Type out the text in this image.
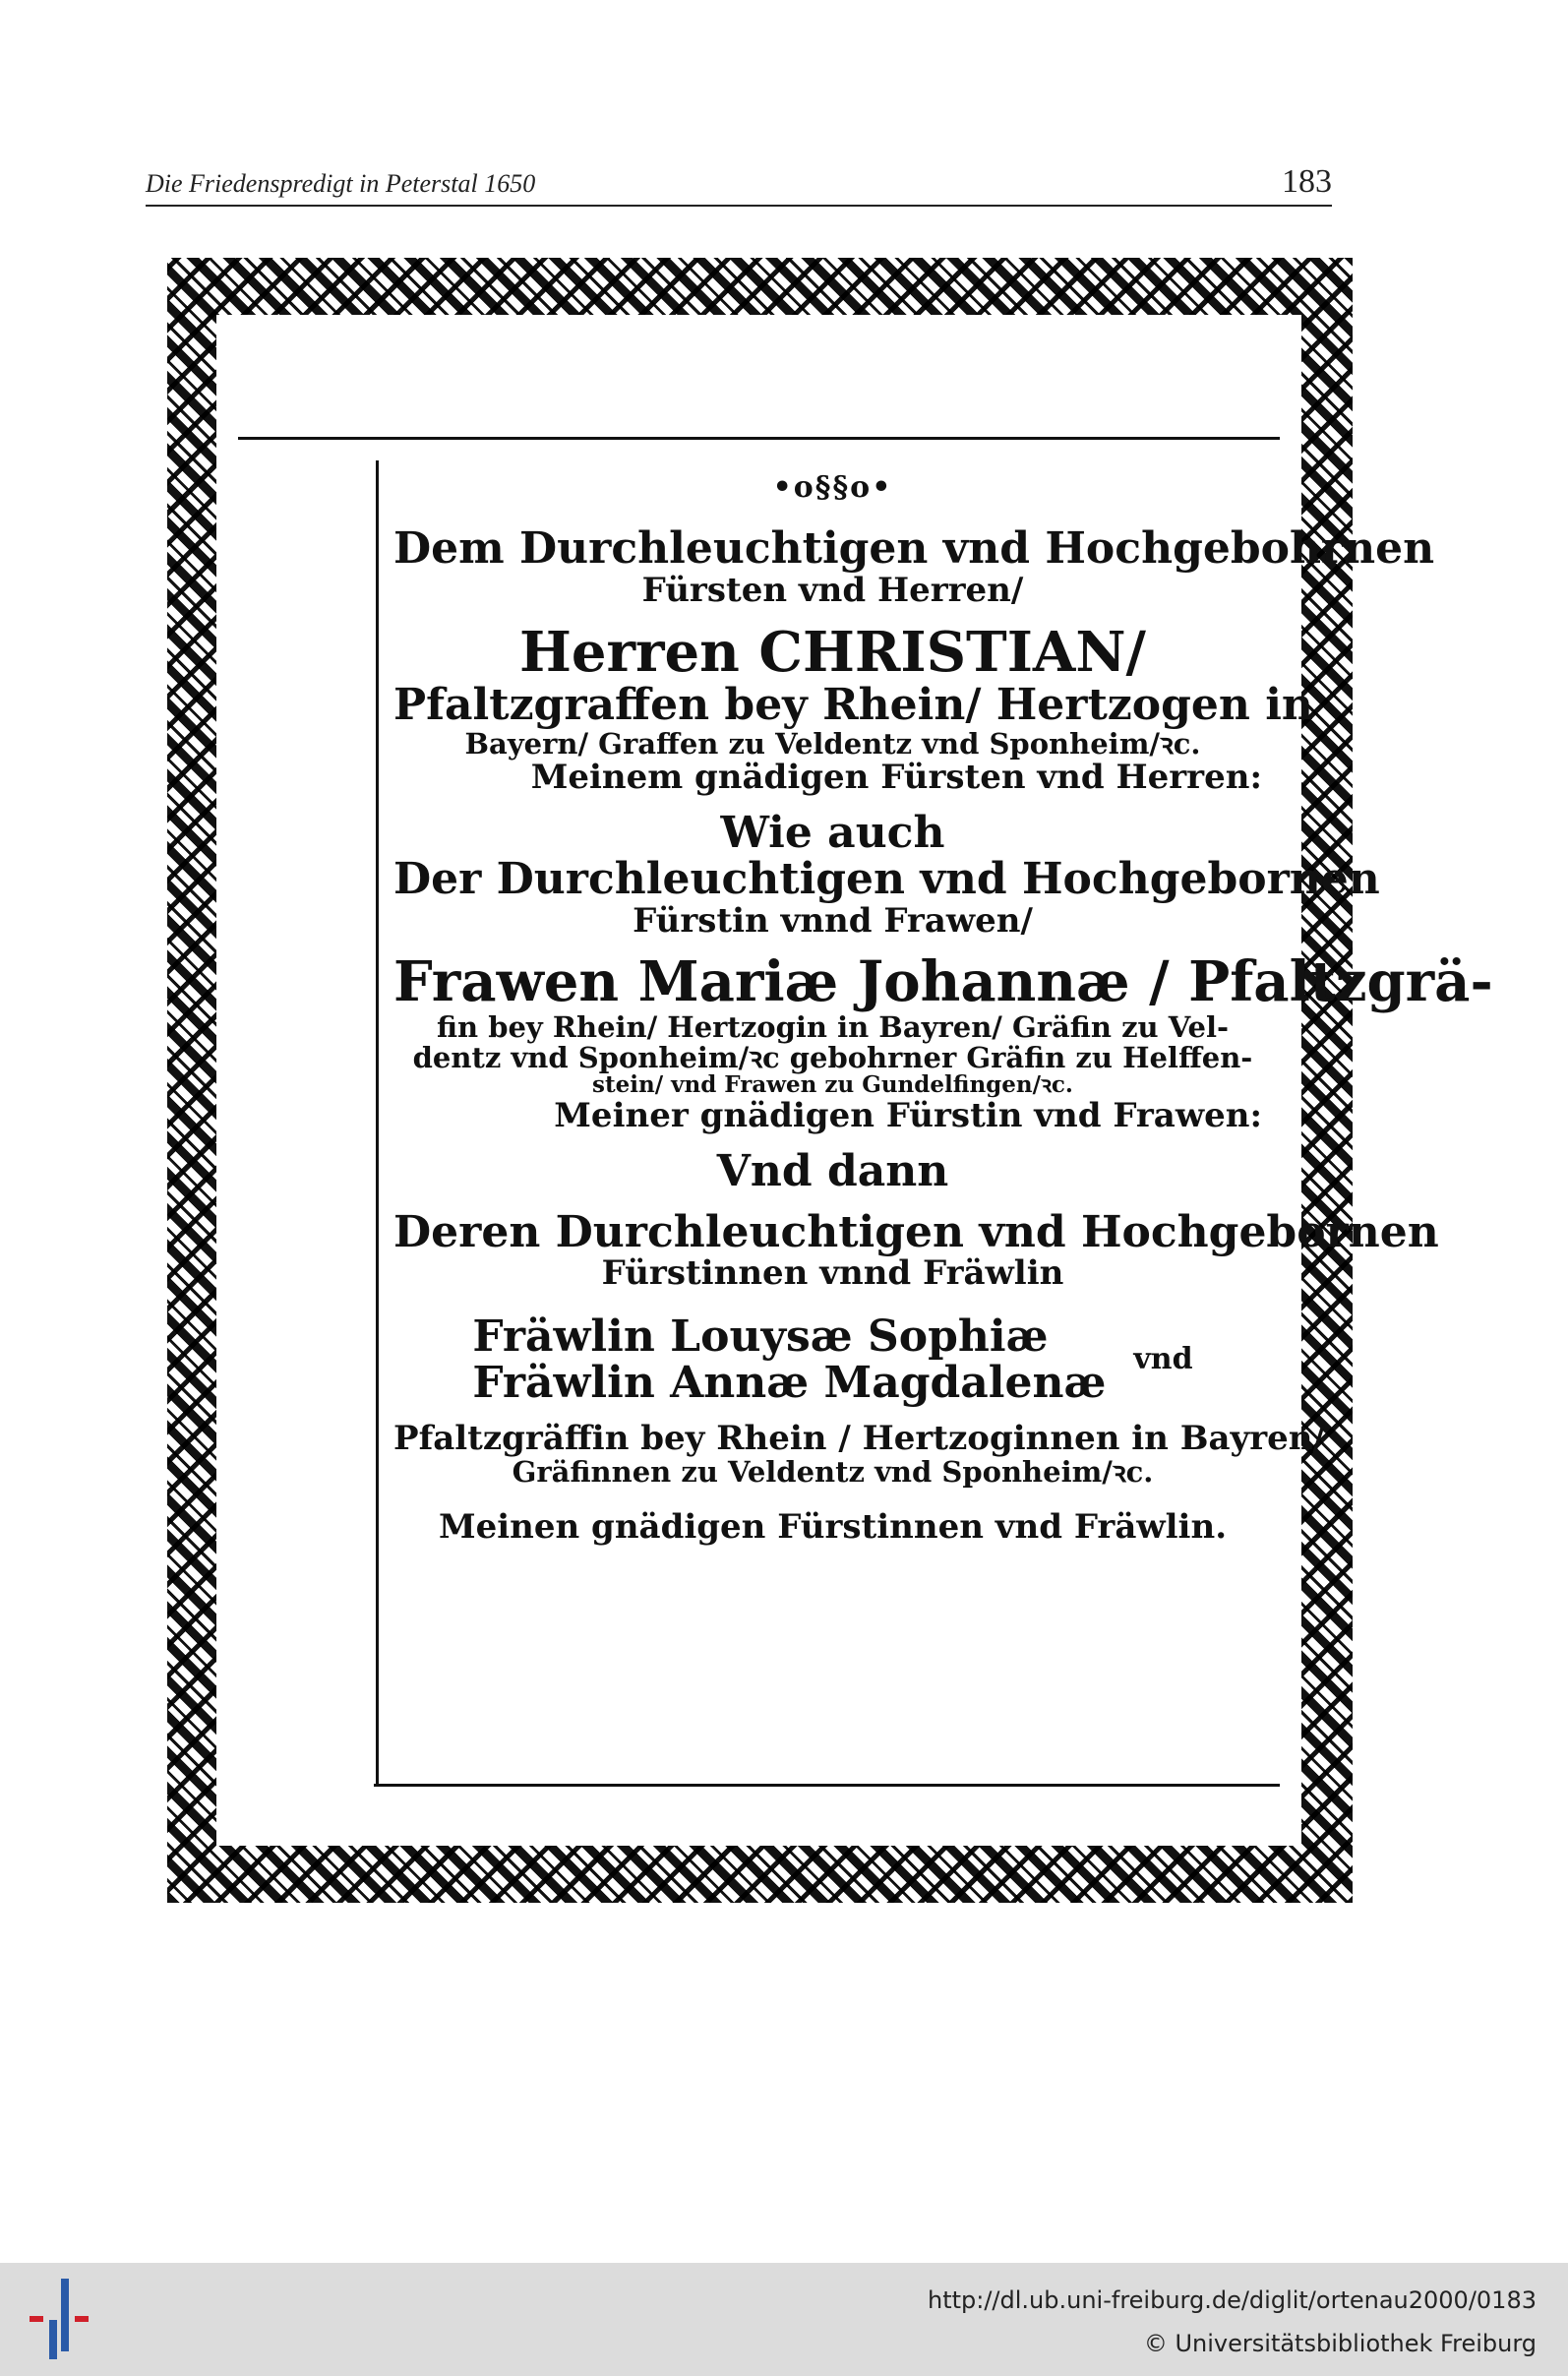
Die Friedenspredigt in Peterstal 1650	183
•o§§o•
Dem Durchleuchtigen vnd Hochgebohrnen
Fürsten vnd Herren/
Herren CHRISTIAN/
Pfaltzgraffen bey Rhein/ Hertzogen in
Bayern/ Graffen zu Veldentz vnd Sponheim/ꝛc.
Meinem gnädigen Fürsten vnd Herren:
Wie auch
Der Durchleuchtigen vnd Hochgebornen
Fürstin vnnd Frawen/
Frawen Mariæ Johannæ / Pfaltzgrä-
fin bey Rhein/ Hertzogin in Bayren/ Gräfin zu Vel-
dentz vnd Sponheim/ꝛc gebohrner Gräfin zu Helffen-
stein/ vnd Frawen zu Gundelfingen/ꝛc.
Meiner gnädigen Fürstin vnd Frawen:
Vnd dann
Deren Durchleuchtigen vnd Hochgebornen
Fürstinnen vnnd Fräwlin
Fräwlin Louysæ Sophiæ
Fräwlin Annæ Magdalenæ vnd
Pfaltzgräffin bey Rhein / Hertzoginnen in Bayren/
Gräfinnen zu Veldentz vnd Sponheim/ꝛc.
Meinen gnädigen Fürstinnen vnd Fräwlin.
http://dl.ub.uni-freiburg.de/diglit/ortenau2000/0183
© Universitätsbibliothek Freiburg
